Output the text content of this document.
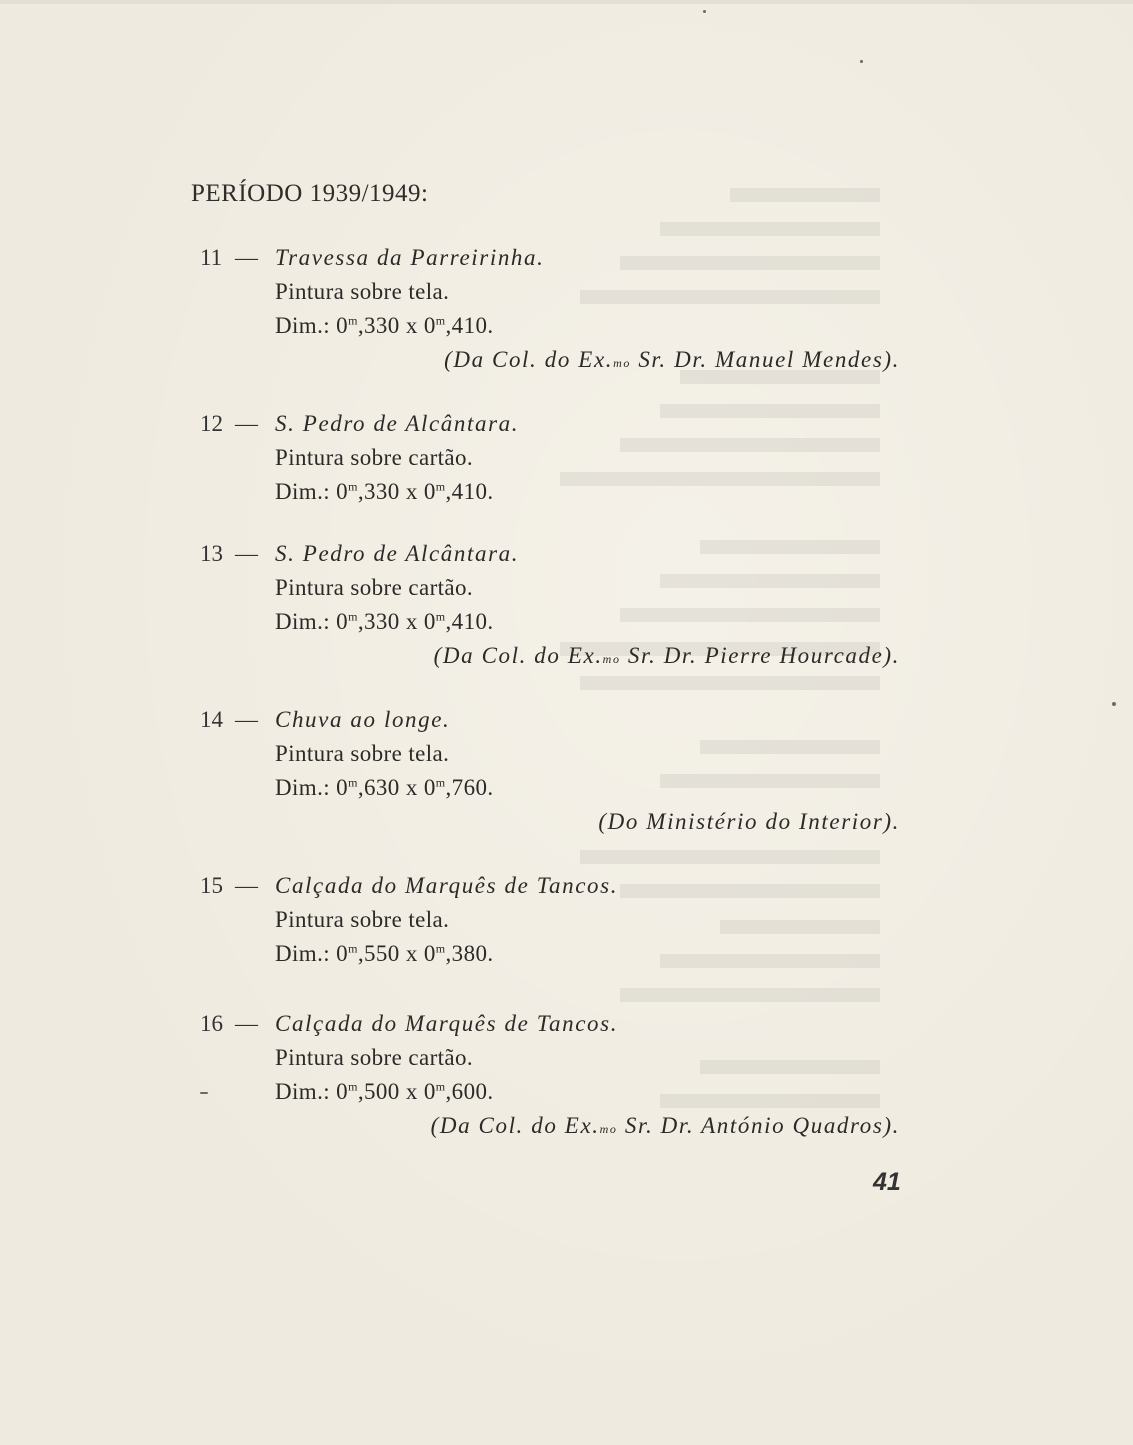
PERÍODO 1939/1949:
11 — Travessa da Parreirinha.
Pintura sobre tela.
Dim.: 0$^m$,330 x 0$^m$,410.
(Da Col. do Ex. mo Sr. Dr. Manuel Mendes).
12 — S. Pedro de Alcântara.
Pintura sobre cartão.
Dim.: 0$^m$,330 x 0$^m$,410.
13 — S. Pedro de Alcântara.
Pintura sobre cartão.
Dim.: 0$^m$,330 x 0$^m$,410.
(Da Col. do Ex. mo Sr. Dr. Pierre Hourcade).
14 — Chuva ao longe.
Pintura sobre tela.
Dim.: 0$^m$,630 x 0$^m$,760.
(Do Ministério do Interior).
15 — Calçada do Marquês de Tancos.
Pintura sobre tela.
Dim.: 0$^m$,550 x 0$^m$,380.
16 — Calçada do Marquês de Tancos.
Pintura sobre cartão.
Dim.: 0$^m$,500 x 0$^m$,600.
(Da Col. do Ex. mo Sr. Dr. António Quadros).
41
